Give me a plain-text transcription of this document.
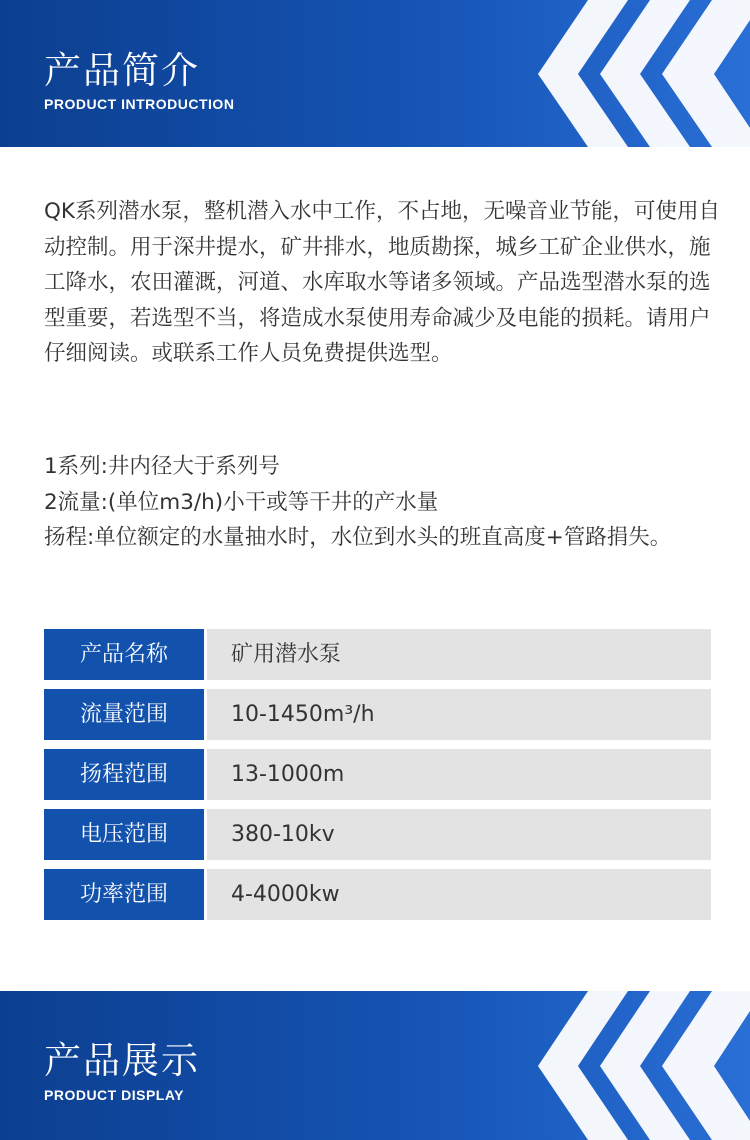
产品简介
PRODUCT INTRODUCTION
QK系列潜水泵，整机潜入水中工作，不占地，无噪音业节能，可使用自动控制。用于深井提水，矿井排水，地质勘探，城乡工矿企业供水，施工降水，农田灌溉，河道、水库取水等诸多领域。产品选型潜水泵的选型重要，若选型不当，将造成水泵使用寿命减少及电能的损耗。请用户仔细阅读。或联系工作人员免费提供选型。

1系列:井内径大于系列号

2流量:(单位m3/h)小干或等干井的产水量

扬程:单位额定的水量抽水时，水位到水头的班直高度+管路捐失。

产品名称	矿用潜水泵
流量范围	10-1450m³/h
扬程范围	13-1000m
电压范围	380-10kv
功率范围	4-4000kw
产品展示
PRODUCT DISPLAY
